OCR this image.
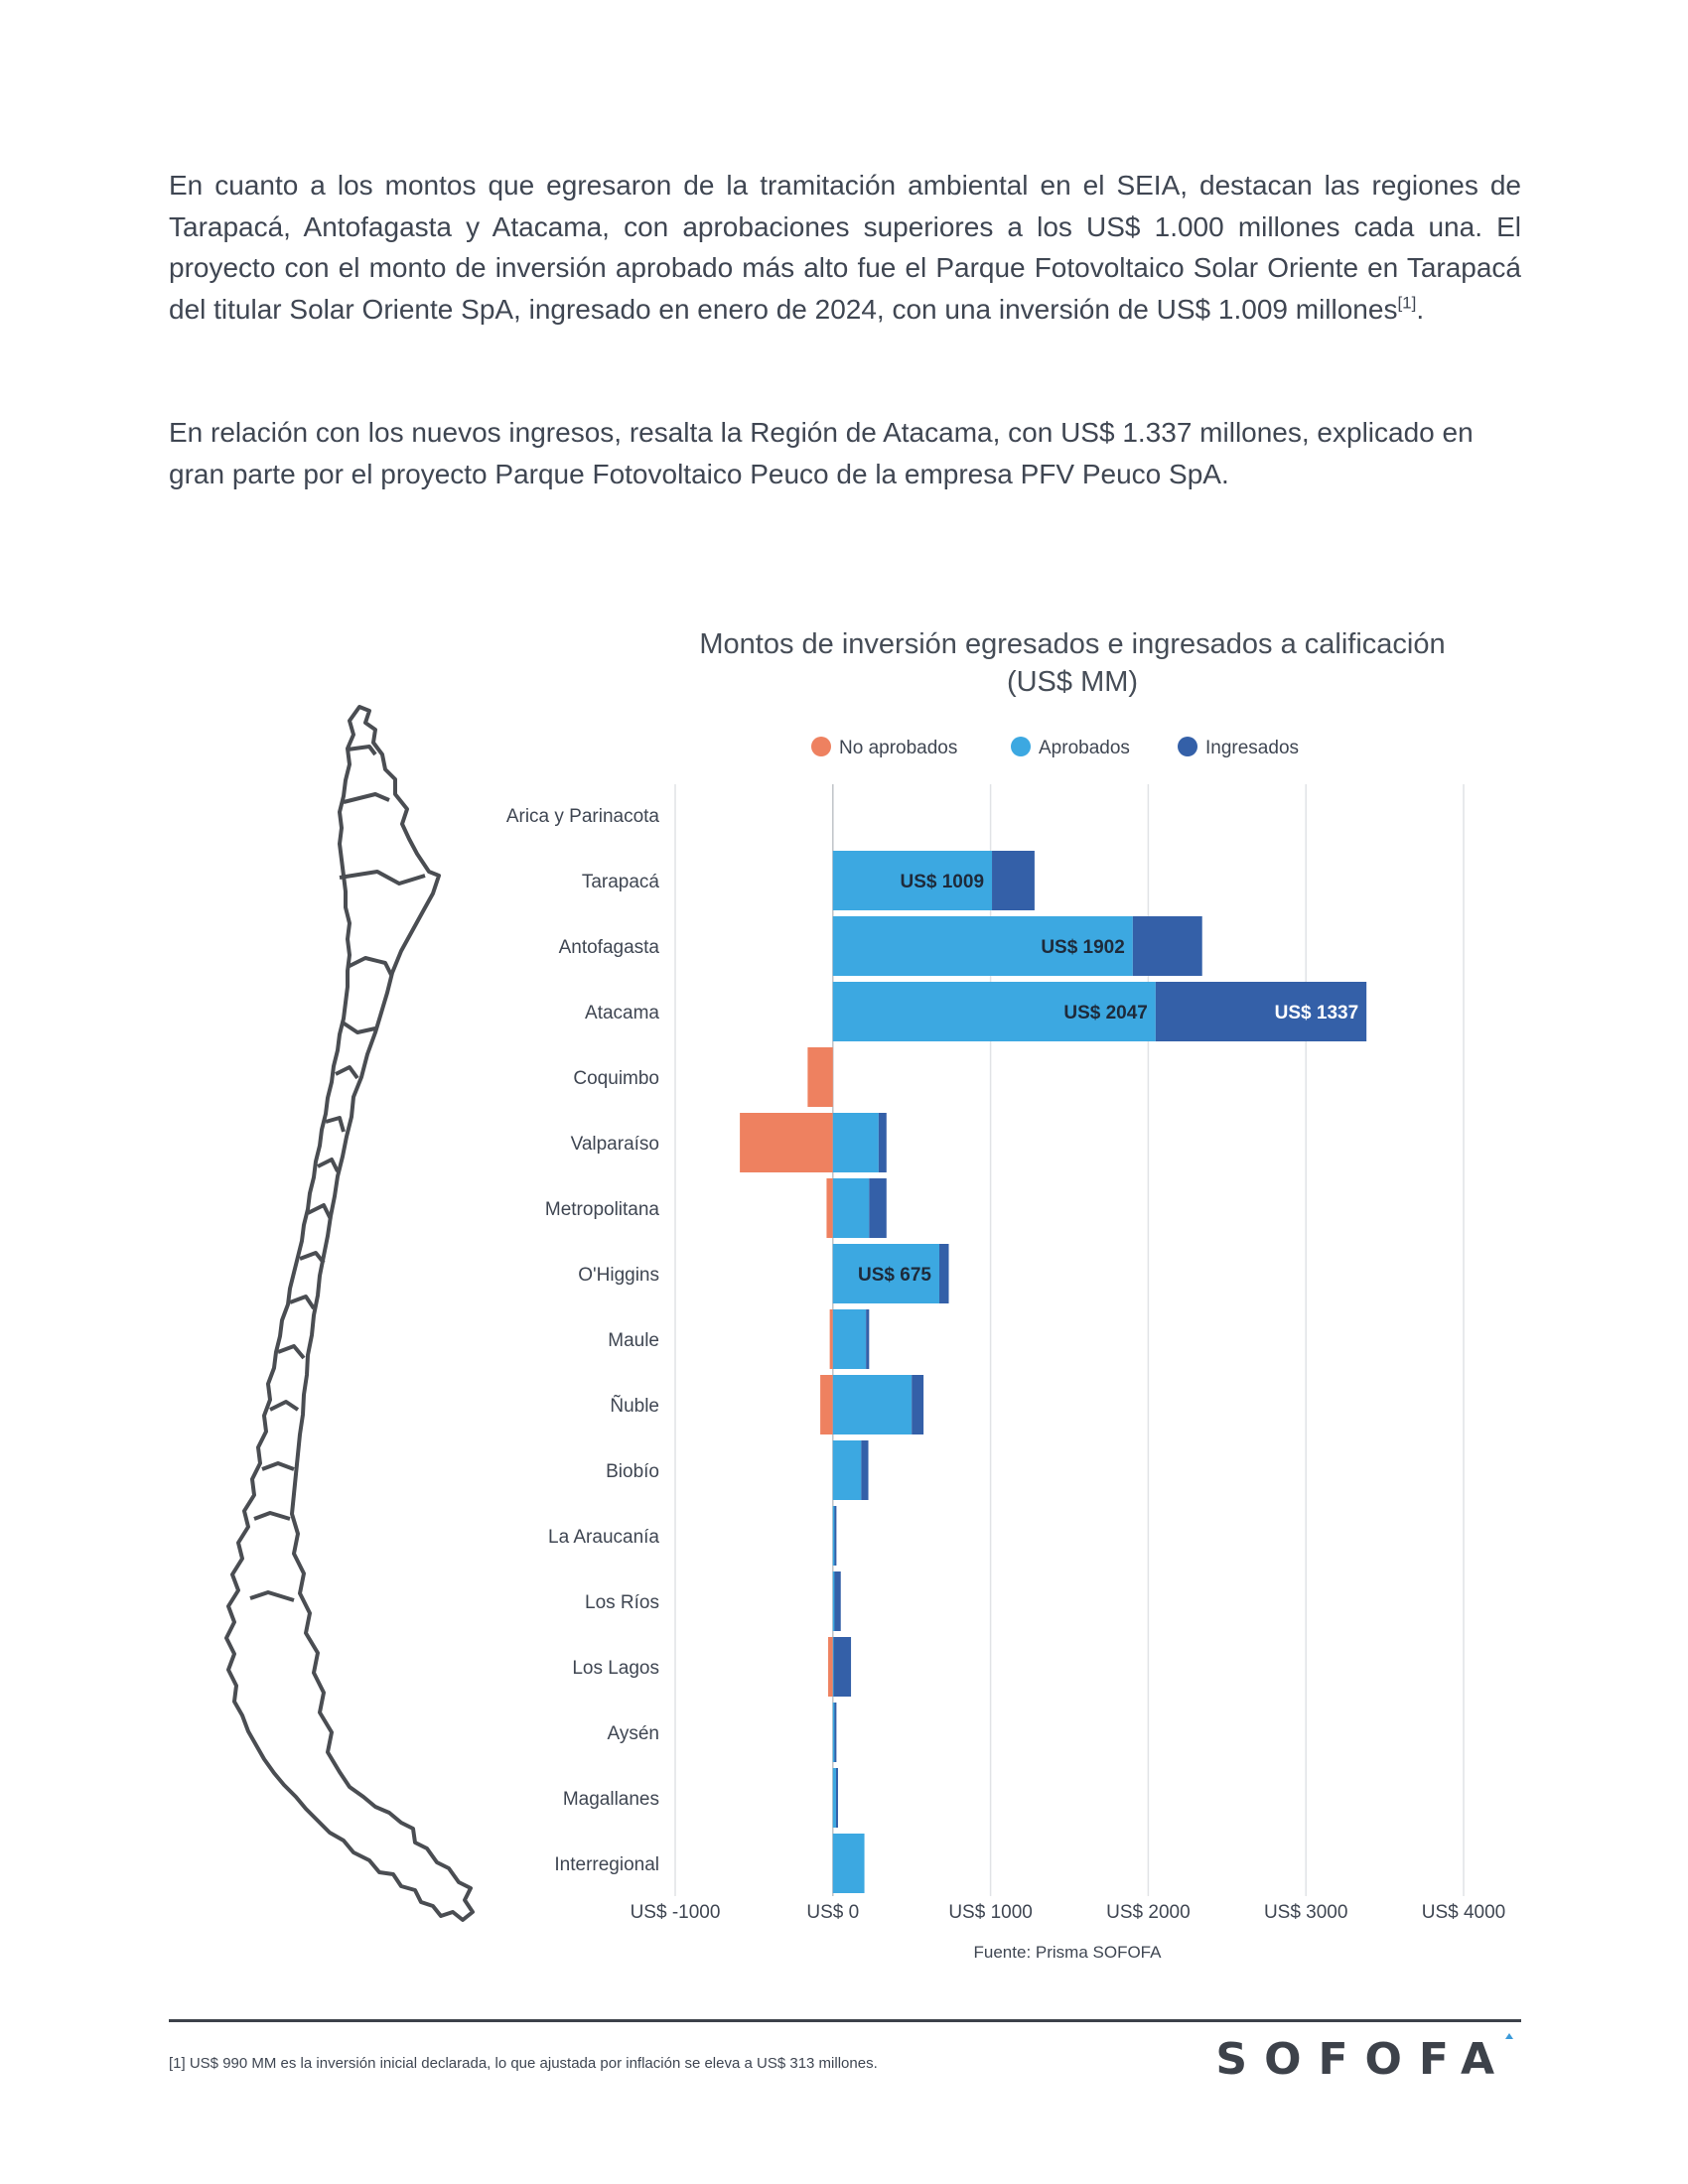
En cuanto a los montos que egresaron de la tramitación ambiental en el SEIA, destacan las regiones de Tarapacá, Antofagasta y Atacama, con aprobaciones superiores a los US$ 1.000 millones cada una. El proyecto con el monto de inversión aprobado más alto fue el Parque Fotovoltaico Solar Oriente en Tarapacá del titular Solar Oriente SpA, ingresado en enero de 2024, con una inversión de US$ 1.009 millones[1].

En relación con los nuevos ingresos, resalta la Región de Atacama, con US$ 1.337 millones, explicado en gran parte por el proyecto Parque Fotovoltaico Peuco de la empresa PFV Peuco SpA.

Montos de inversión egresados e ingresados a calificación (US$ MM)
No aprobados	Aprobados	Ingresados
Arica y Parinacota
Tarapacá
Antofagasta
Atacama
Coquimbo
Valparaíso
Metropolitana
O'Higgins
Maule
Ñuble
Biobío
La Araucanía
Los Ríos
Los Lagos
Aysén
Magallanes
Interregional
US$ 1009
US$ 1902
US$ 2047	US$ 1337
US$ 675
US$ -1000	US$ 0	US$ 1000	US$ 2000	US$ 3000	US$ 4000
Fuente: Prisma SOFOFA

[1] US$ 990 MM es la inversión inicial declarada, lo que ajustada por inflación se eleva a US$ 313 millones.	SOFOFA
